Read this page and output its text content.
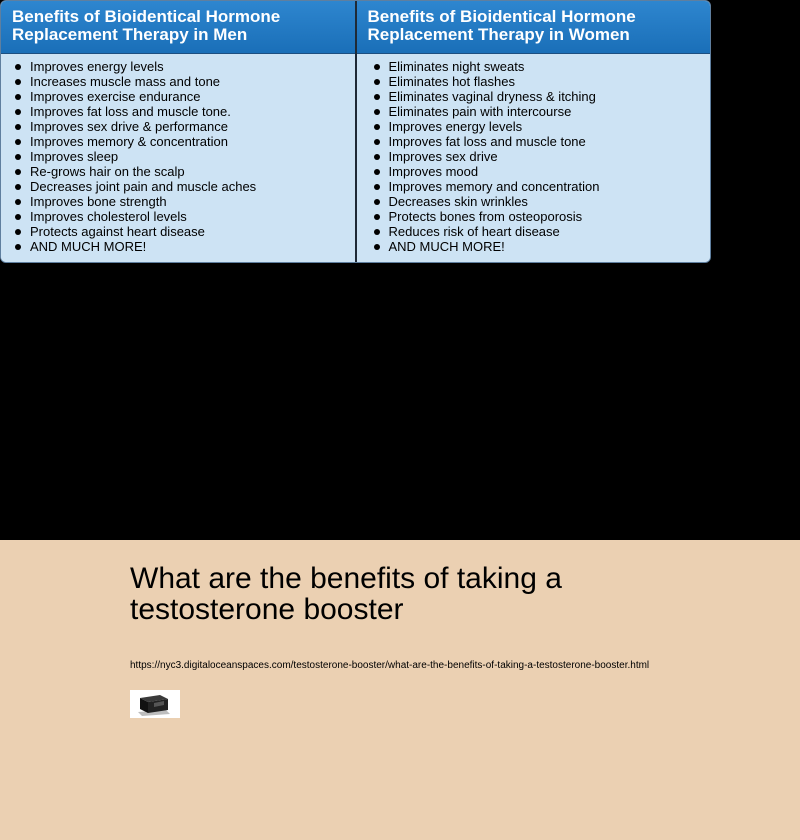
Benefits of Bioidentical Hormone Replacement Therapy in Men
Improves energy levels
Increases muscle mass and tone
Improves exercise endurance
Improves fat loss and muscle tone.
Improves sex drive & performance
Improves memory & concentration
Improves sleep
Re-grows hair on the scalp
Decreases joint pain and muscle aches
Improves bone strength
Improves cholesterol levels
Protects against heart disease
AND MUCH MORE!
Benefits of Bioidentical Hormone Replacement Therapy in Women
Eliminates night sweats
Eliminates hot flashes
Eliminates vaginal dryness & itching
Eliminates pain with intercourse
Improves energy levels
Improves fat loss and muscle tone
Improves sex drive
Improves mood
Improves memory and concentration
Decreases skin wrinkles
Protects bones from osteoporosis
Reduces risk of heart disease
AND MUCH MORE!
What are the benefits of taking a testosterone booster
https://nyc3.digitaloceanspaces.com/testosterone-booster/what-are-the-benefits-of-taking-a-testosterone-booster.html
